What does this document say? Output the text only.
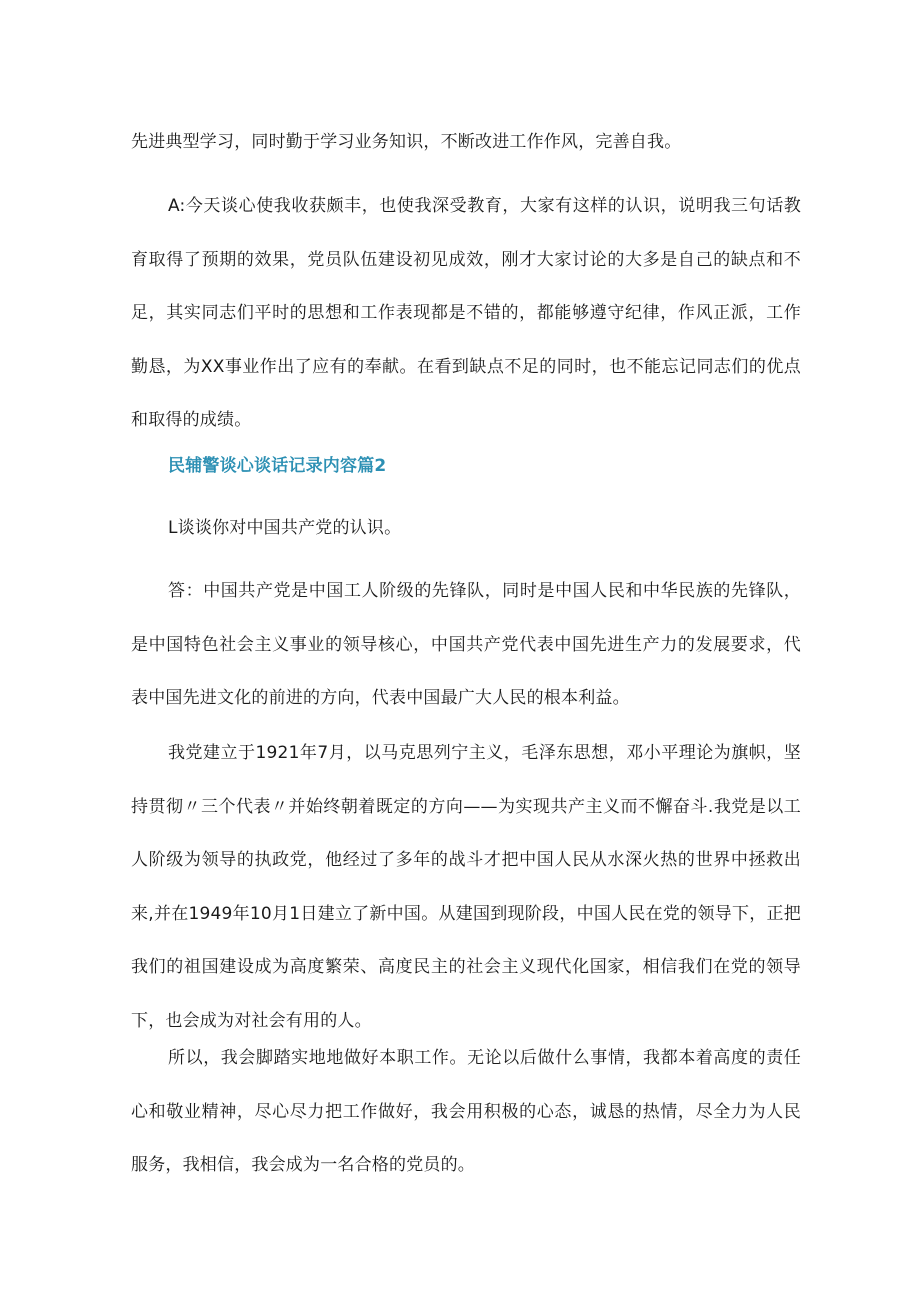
先进典型学习，同时勤于学习业务知识，不断改进工作作风，完善自我。

A:今天谈心使我收获颇丰，也使我深受教育，大家有这样的认识，说明我三句话教育取得了预期的效果，党员队伍建设初见成效，刚才大家讨论的大多是自己的缺点和不足，其实同志们平时的思想和工作表现都是不错的，都能够遵守纪律，作风正派，工作勤恳，为XX事业作出了应有的奉献。在看到缺点不足的同时，也不能忘记同志们的优点和取得的成绩。

民辅警谈心谈话记录内容篇2

L谈谈你对中国共产党的认识。

答：中国共产党是中国工人阶级的先锋队，同时是中国人民和中华民族的先锋队，是中国特色社会主义事业的领导核心，中国共产党代表中国先进生产力的发展要求，代表中国先进文化的前进的方向，代表中国最广大人民的根本利益。

我党建立于1921年7月，以马克思列宁主义，毛泽东思想，邓小平理论为旗帜，坚持贯彻〃三个代表〃并始终朝着既定的方向——为实现共产主义而不懈奋斗.我党是以工人阶级为领导的执政党，他经过了多年的战斗才把中国人民从水深火热的世界中拯救出来,并在1949年10月1日建立了新中国。从建国到现阶段，中国人民在党的领导下，正把我们的祖国建设成为高度繁荣、高度民主的社会主义现代化国家，相信我们在党的领导下，也会成为对社会有用的人。

所以，我会脚踏实地地做好本职工作。无论以后做什么事情，我都本着高度的责任心和敬业精神，尽心尽力把工作做好，我会用积极的心态，诚恳的热情，尽全力为人民服务，我相信，我会成为一名合格的党员的。
